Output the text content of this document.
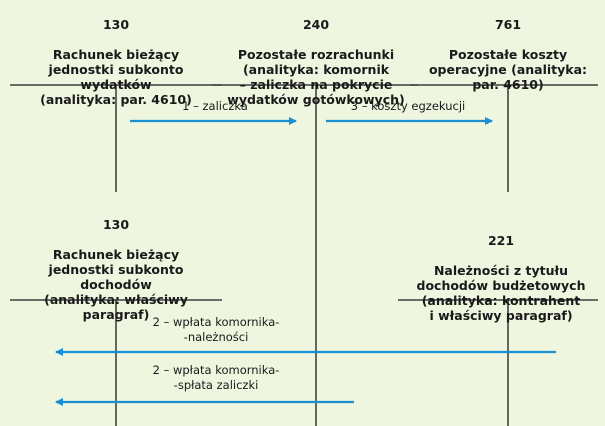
130

Rachunek bieżący
jednostki subkonto
wydatków
(analityka: par. 4610)

240

Pozostałe rozrachunki
(analityka: komornik
– zaliczka na pokrycie
wydatków gotówkowych)

761

Pozostałe koszty
operacyjne (analityka:
par. 4610)

130

Rachunek bieżący
jednostki subkonto
dochodów
(analityka: właściwy
paragraf)

221

Należności z tytułu
dochodów budżetowych
(analityka: kontrahent
i właściwy paragraf)

1 – zaliczka	3 – koszty egzekucji
2 – wpłata komornika-
-należności
2 – wpłata komornika-
-spłata zaliczki
